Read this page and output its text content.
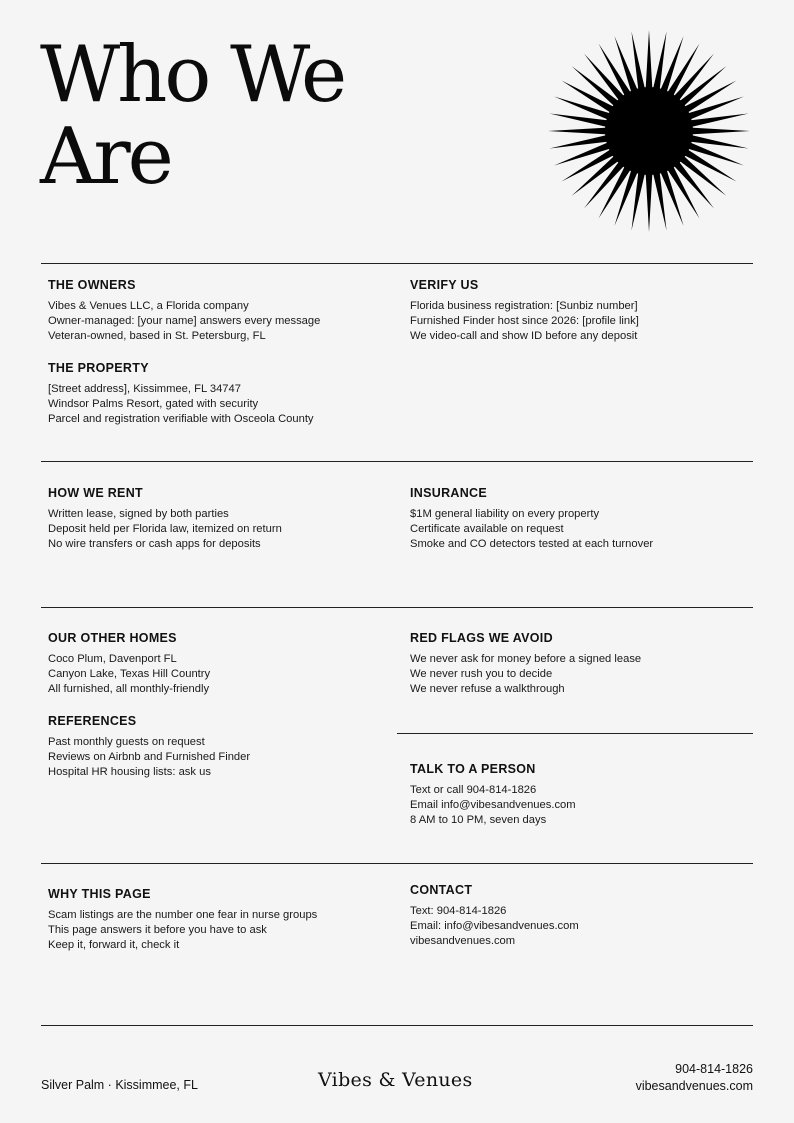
Who We
Are
THE OWNERS

Vibes & Venues LLC, a Florida company

Owner-managed: [your name] answers every message

Veteran-owned, based in St. Petersburg, FL

VERIFY US

Florida business registration: [Sunbiz number]

Furnished Finder host since 2026: [profile link]

We video-call and show ID before any deposit

THE PROPERTY

[Street address], Kissimmee, FL 34747

Windsor Palms Resort, gated with security

Parcel and registration verifiable with Osceola County

HOW WE RENT

Written lease, signed by both parties

Deposit held per Florida law, itemized on return

No wire transfers or cash apps for deposits

INSURANCE

$1M general liability on every property

Certificate available on request

Smoke and CO detectors tested at each turnover

OUR OTHER HOMES

Coco Plum, Davenport FL

Canyon Lake, Texas Hill Country

All furnished, all monthly-friendly

RED FLAGS WE AVOID

We never ask for money before a signed lease

We never rush you to decide

We never refuse a walkthrough

REFERENCES

Past monthly guests on request

Reviews on Airbnb and Furnished Finder

Hospital HR housing lists: ask us	TALK TO A PERSON

Text or call 904-814-1826

Email info@vibesandvenues.com

8 AM to 10 PM, seven days

WHY THIS PAGE

Scam listings are the number one fear in nurse groups

This page answers it before you have to ask

Keep it, forward it, check it

CONTACT

Text: 904-814-1826

Email: info@vibesandvenues.com

vibesandvenues.com

Silver Palm · Kissimmee, FL	Vibes & Venues	904-814-1826
vibesandvenues.com
